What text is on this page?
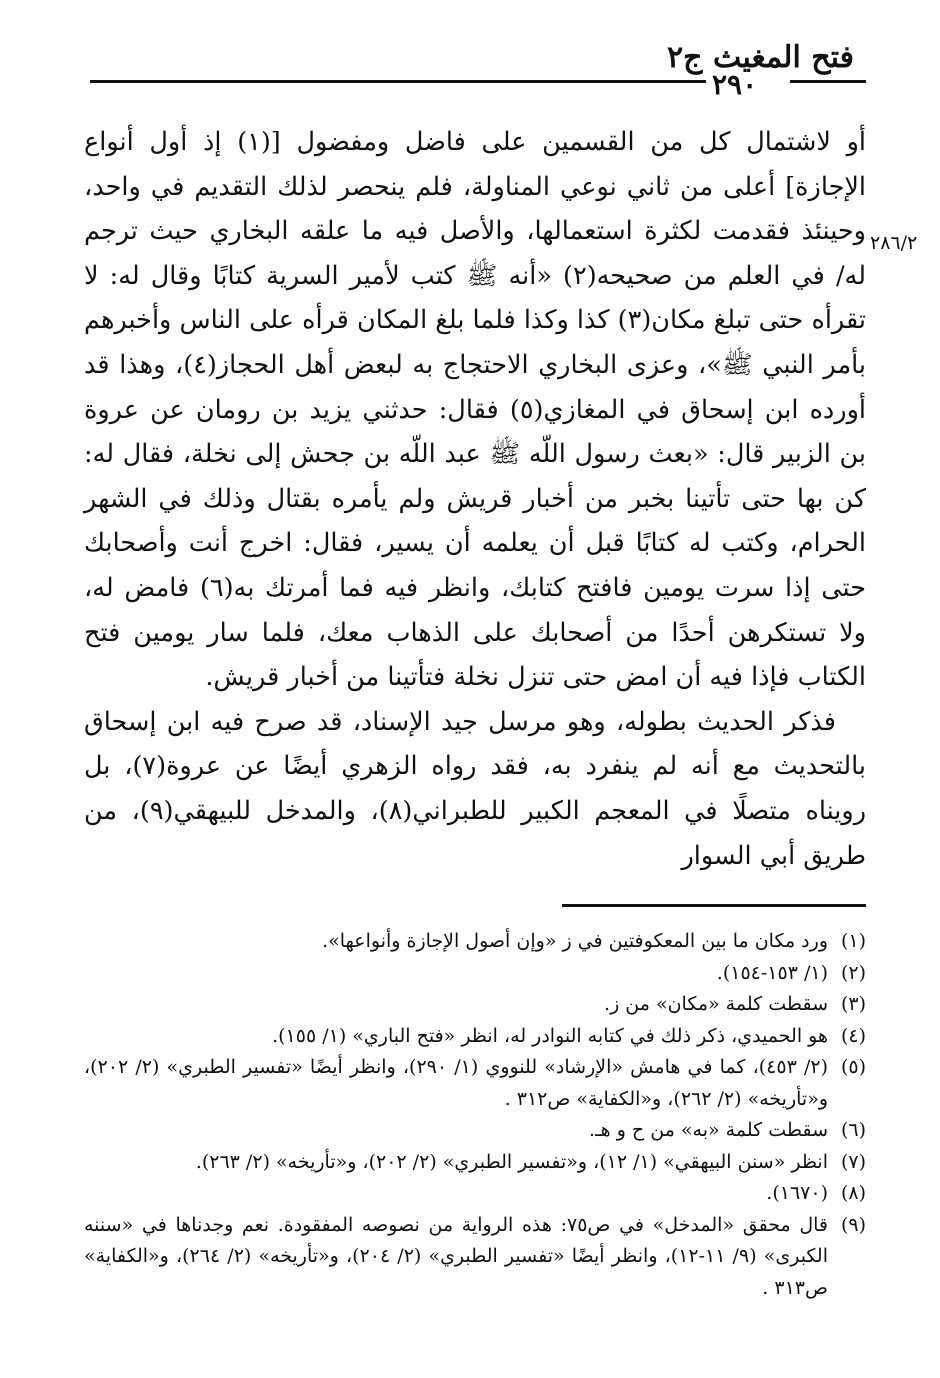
فتح المغيث ج٢
٢٩٠
٢٨٦/٢

أو لاشتمال كل من القسمين على فاضل ومفضول [(١) إذ أول أنواع الإجازة] أعلى من ثاني نوعي المناولة، فلم ينحصر لذلك التقديم في واحد، وحينئذ فقدمت لكثرة استعمالها، والأصل فيه ما علقه البخاري حيث ترجم له/ في العلم من صحيحه(٢) «أنه ﷺ كتب لأمير السرية كتابًا وقال له: لا تقرأه حتى تبلغ مكان(٣) كذا وكذا فلما بلغ المكان قرأه على الناس وأخبرهم بأمر النبي ﷺ»، وعزى البخاري الاحتجاج به لبعض أهل الحجاز(٤)، وهذا قد أورده ابن إسحاق في المغازي(٥) فقال: حدثني يزيد بن رومان عن عروة بن الزبير قال: «بعث رسول اللّه ﷺ عبد اللّه بن جحش إلى نخلة، فقال له: كن بها حتى تأتينا بخبر من أخبار قريش ولم يأمره بقتال وذلك في الشهر الحرام، وكتب له كتابًا قبل أن يعلمه أن يسير، فقال: اخرج أنت وأصحابك حتى إذا سرت يومين فافتح كتابك، وانظر فيه فما أمرتك به(٦) فامض له، ولا تستكرهن أحدًا من أصحابك على الذهاب معك، فلما سار يومين فتح الكتاب فإذا فيه أن امض حتى تنزل نخلة فتأتينا من أخبار قريش.

فذكر الحديث بطوله، وهو مرسل جيد الإسناد، قد صرح فيه ابن إسحاق بالتحديث مع أنه لم ينفرد به، فقد رواه الزهري أيضًا عن عروة(٧)، بل رويناه متصلًا في المعجم الكبير للطبراني(٨)، والمدخل للبيهقي(٩)، من طريق أبي السوار

(١)
ورد مكان ما بين المعكوفتين في ز «وإن أصول الإجازة وأنواعها».
(٢)
(١/ ١٥٣-١٥٤).
(٣)
سقطت كلمة «مكان» من ز.
(٤)
هو الحميدي، ذكر ذلك في كتابه النوادر له، انظر «فتح الباري» (١/ ١٥٥).
(٥)
(٢/ ٤٥٣)، كما في هامش «الإرشاد» للنووي (١/ ٢٩٠)، وانظر أيضًا «تفسير الطبري» (٢/ ٢٠٢)، و«تأريخه» (٢/ ٢٦٢)، و«الكفاية» ص٣١٢ .
(٦)
سقطت كلمة «به» من ح و هـ.
(٧)
انظر «سنن البيهقي» (١/ ١٢)، و«تفسير الطبري» (٢/ ٢٠٢)، و«تأريخه» (٢/ ٢٦٣).
(٨)
(١٦٧٠).
(٩)
قال محقق «المدخل» في ص٧٥: هذه الرواية من نصوصه المفقودة. نعم وجدناها في «سننه الكبرى» (٩/ ١١-١٢)، وانظر أيضًا «تفسير الطبري» (٢/ ٢٠٤)، و«تأريخه» (٢/ ٢٦٤)، و«الكفاية» ص٣١٣ .
